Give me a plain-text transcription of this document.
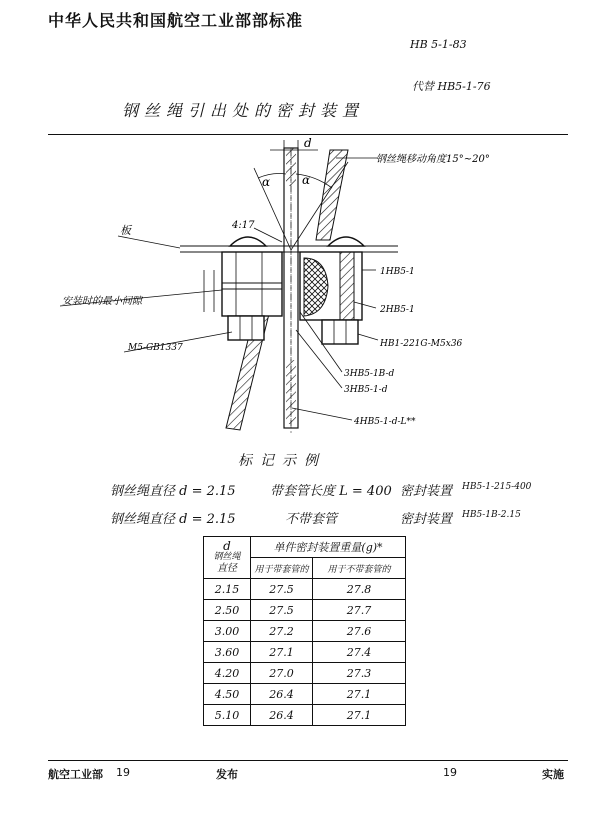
中华人民共和国航空工业部部标准
HB 5-1-83
代替 HB5-1-76
钢丝绳引出处的密封装置
d
α	α
4:17
钢丝绳移动角度15°~20°
板
安装时的最小间隙
M5-GB1337
1HB5-1
2HB5-1
HB1-221G-M5x36
3HB5-1B-d
3HB5-1-d
4HB5-1-d-L**
标记示例
钢丝绳直径 d = 2.15	带套管长度 L = 400 密封装置 HB5-1-215-400
钢丝绳直径 d = 2.15	不带套管	密封装置 HB5-1B-2.15
d
钢丝绳
直径	单件密封装置重量(g)*	
	用于带套管的	用于不带套管的
2.15	27.5	27.8
2.50	27.5	27.7
3.00	27.2	27.6
3.60	27.1	27.4
4.20	27.0	27.3
4.50	26.4	27.1
5.10	26.4	27.1
航空工业部 19	发布	19	实施
